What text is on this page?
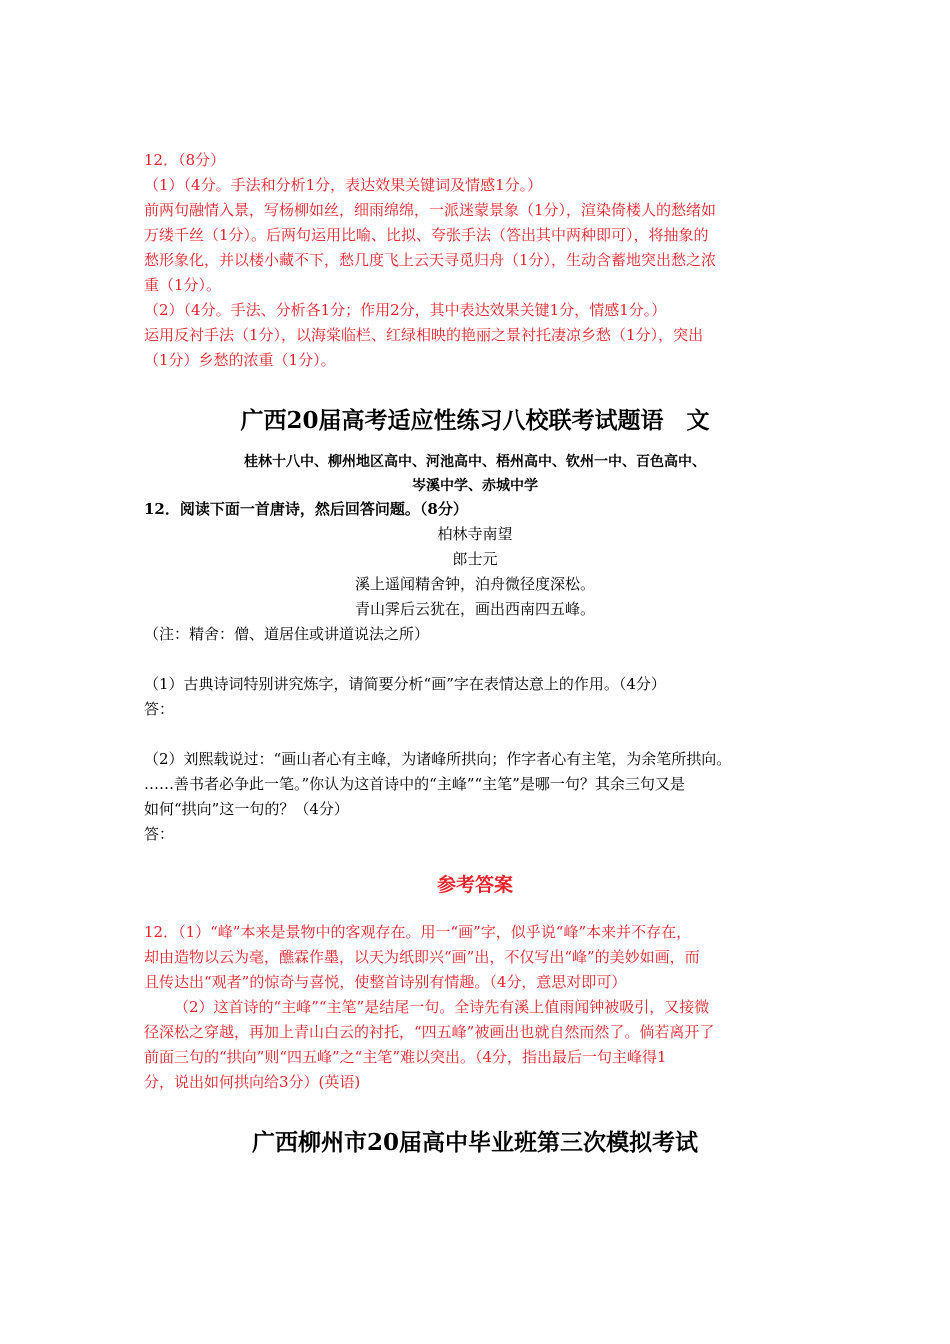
12．（8分）
（1）（4分。手法和分析1分，表达效果关键词及情感1分。）
前两句融情入景，写杨柳如丝，细雨绵绵，一派迷蒙景象（1分），渲染倚楼人的愁绪如
万缕千丝（1分）。后两句运用比喻、比拟、夸张手法（答出其中两种即可），将抽象的
愁形象化，并以楼小藏不下，愁几度飞上云天寻觅归舟（1分），生动含蓄地突出愁之浓
重（1分）。
（2）（4分。手法、分析各1分；作用2分，其中表达效果关键1分，情感1分。）
运用反衬手法（1分），以海棠临栏、红绿相映的艳丽之景衬托凄凉乡愁（1分），突出
（1分）乡愁的浓重（1分）。
广西20届高考适应性练习八校联考试题语　文
桂林十八中、柳州地区高中、河池高中、梧州高中、钦州一中、百色高中、
岑溪中学、赤城中学
12．阅读下面一首唐诗，然后回答问题。（8分）
柏林寺南望
郎士元
溪上遥闻精舍钟，泊舟微径度深松。
青山霁后云犹在，画出西南四五峰。
（注：精舍：僧、道居住或讲道说法之所）
（1）古典诗词特别讲究炼字，请简要分析“画”字在表情达意上的作用。（4分）
答：
（2）刘熙载说过：“画山者心有主峰，为诸峰所拱向；作字者心有主笔，为余笔所拱向。
……善书者必争此一笔。”你认为这首诗中的“主峰”“主笔”是哪一句？其余三句又是
如何“拱向”这一句的？（4分）
答：
参考答案
12．（1）“峰”本来是景物中的客观存在。用一“画”字，似乎说“峰”本来并不存在，
却由造物以云为毫，醮霖作墨，以天为纸即兴“画”出，不仅写出“峰”的美妙如画，而
且传达出“观者”的惊奇与喜悦，使整首诗别有情趣。（4分，意思对即可）
（2）这首诗的“主峰”“主笔”是结尾一句。全诗先有溪上值雨闻钟被吸引，又接微
径深松之穿越，再加上青山白云的衬托，“四五峰”被画出也就自然而然了。倘若离开了
前面三句的“拱向”则“四五峰”之“主笔”难以突出。（4分，指出最后一句主峰得1
分，说出如何拱向给3分）(英语)
广西柳州市20届高中毕业班第三次模拟考试
